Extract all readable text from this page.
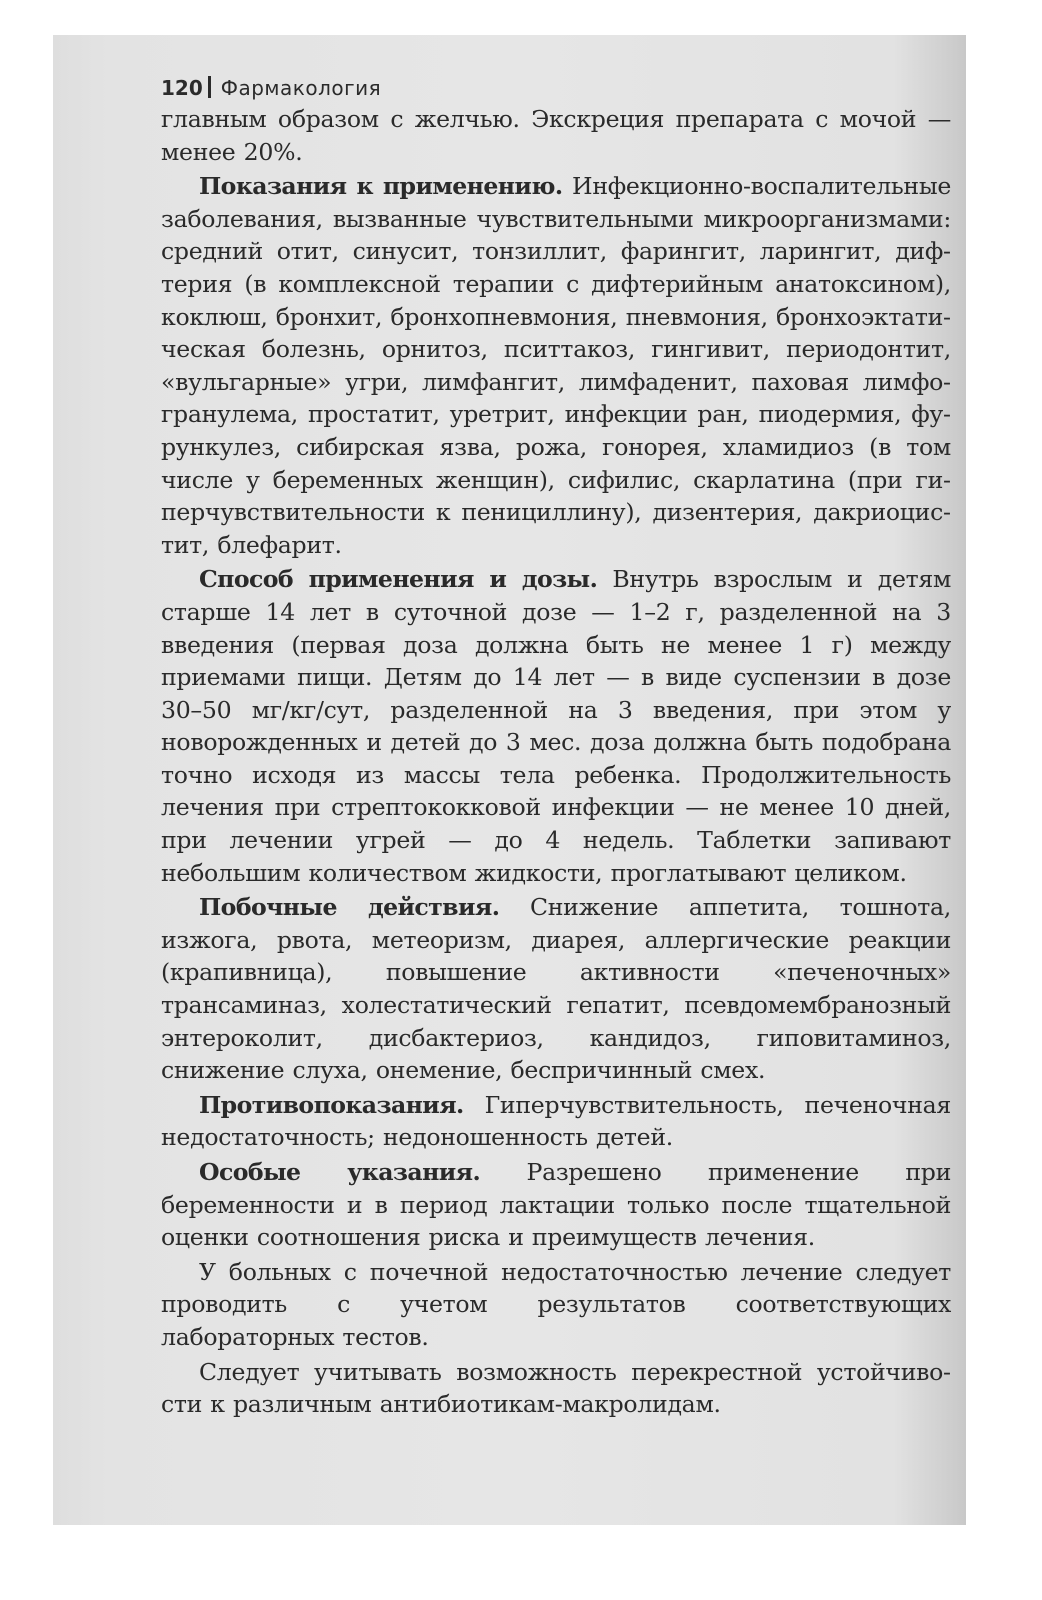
120 Фармакология

главным образом с желчью. Экскреция препарата с мочой — менее 20%.

Показания к применению. Инфекционно-воспалительные заболевания, вызванные чувствительными микроорганизмами: средний отит, синусит, тонзиллит, фарингит, ларингит, дифтерия (в комплексной терапии с дифтерийным анатоксином), коклюш, бронхит, бронхопневмония, пневмония, бронхоэктатическая болезнь, орнитоз, пситтакоз, гингивит, периодонтит, «вульгарные» угри, лимфангит, лимфаденит, паховая лимфогранулема, простатит, уретрит, инфекции ран, пиодермия, фурункулез, сибирская язва, рожа, гонорея, хламидиоз (в том числе у беременных женщин), сифилис, скарлатина (при гиперчувствительности к пенициллину), дизентерия, дакриоцистит, блефарит.

Способ применения и дозы. Внутрь взрослым и детям старше 14 лет в суточной дозе — 1–2 г, разделенной на 3 введения (первая доза должна быть не менее 1 г) между приемами пищи. Детям до 14 лет — в виде суспензии в дозе 30–50 мг/кг/сут, разделенной на 3 введения, при этом у новорожденных и детей до 3 мес. доза должна быть подобрана точно исходя из массы тела ребенка. Продолжительность лечения при стрептококковой инфекции — не менее 10 дней, при лечении угрей — до 4 недель. Таблетки запивают небольшим количеством жидкости, проглатывают целиком.

Побочные действия. Снижение аппетита, тошнота, изжога, рвота, метеоризм, диарея, аллергические реакции (крапивница), повышение активности «печеночных» трансаминаз, холестатический гепатит, псевдомембранозный энтероколит, дисбактериоз, кандидоз, гиповитаминоз, снижение слуха, онемение, беспричинный смех.

Противопоказания. Гиперчувствительность, печеночная недостаточность; недоношенность детей.

Особые указания. Разрешено применение при беременности и в период лактации только после тщательной оценки соотношения риска и преимуществ лечения.

У больных с почечной недостаточностью лечение следует проводить с учетом результатов соответствующих лабораторных тестов.

Следует учитывать возможность перекрестной устойчивости к различным антибиотикам-макролидам.
